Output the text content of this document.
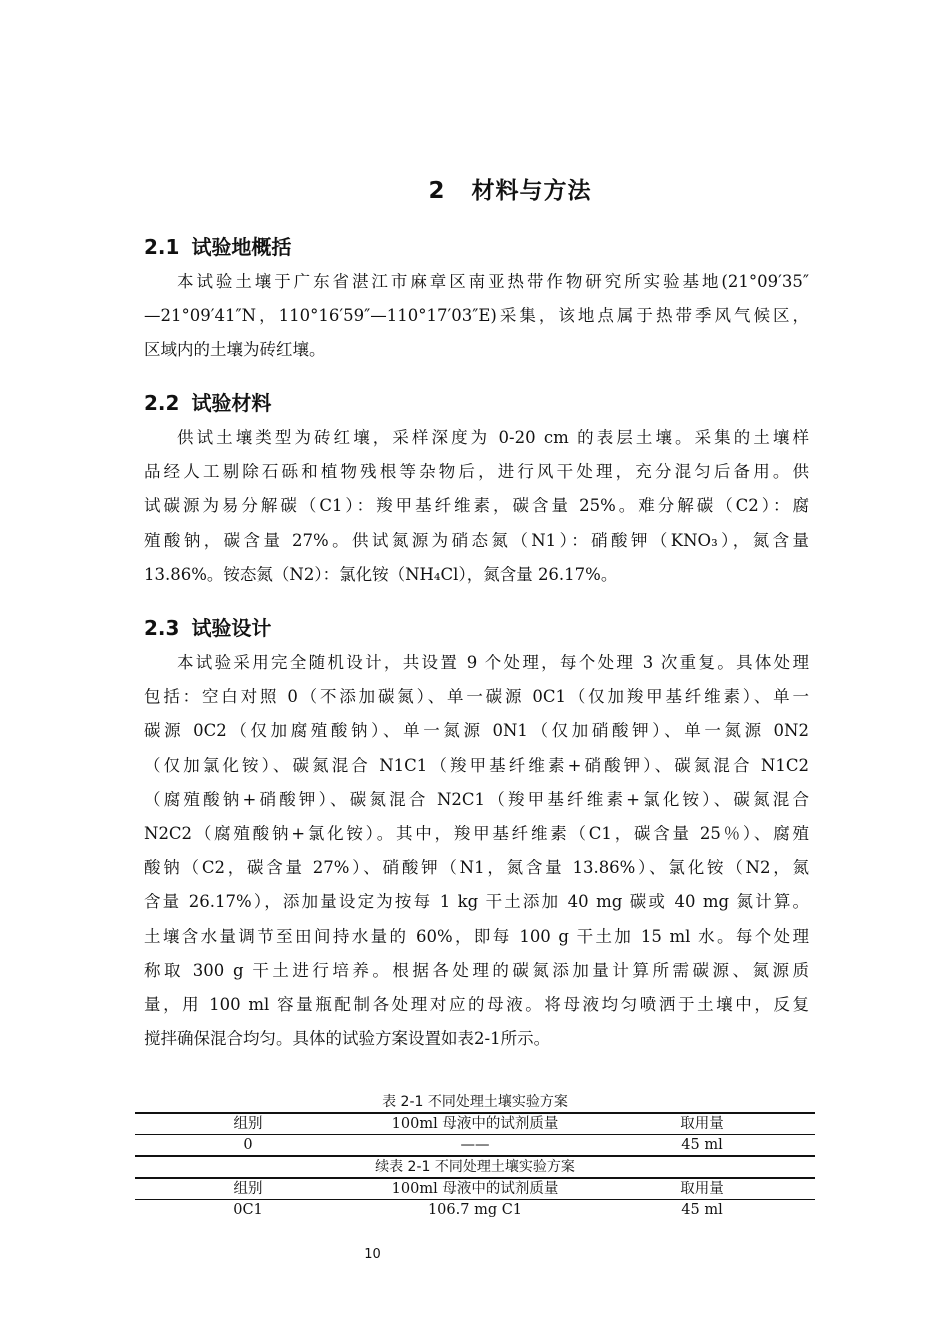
2 材料与方法
2.1 试验地概括
本试验土壤于广东省湛江市麻章区南亚热带作物研究所实验基地(21°09′35″
—21°09′41″N，110°16′59″—110°17′03″E)采集，该地点属于热带季风气候区，
区域内的土壤为砖红壤。
2.2 试验材料
供试土壤类型为砖红壤，采样深度为 0-20 cm 的表层土壤。采集的土壤样
品经人工剔除石砾和植物残根等杂物后，进行风干处理，充分混匀后备用。供
试碳源为易分解碳（C1）：羧甲基纤维素，碳含量 25%。难分解碳（C2）：腐
殖酸钠，碳含量 27%。供试氮源为硝态氮（N1）：硝酸钾（KNO₃），氮含量
13.86%。铵态氮（N2）：氯化铵（NH₄Cl），氮含量 26.17%。
2.3 试验设计
本试验采用完全随机设计，共设置 9 个处理，每个处理 3 次重复。具体处理
包括：空白对照 0（不添加碳氮）、单一碳源 0C1（仅加羧甲基纤维素）、单一
碳源 0C2（仅加腐殖酸钠）、单一氮源 0N1（仅加硝酸钾）、单一氮源 0N2
（仅加氯化铵）、碳氮混合 N1C1（羧甲基纤维素+硝酸钾）、碳氮混合 N1C2
（腐殖酸钠+硝酸钾）、碳氮混合 N2C1（羧甲基纤维素+氯化铵）、碳氮混合
N2C2（腐殖酸钠+氯化铵）。其中，羧甲基纤维素（C1，碳含量 25％）、腐殖
酸钠（C2，碳含量 27%）、硝酸钾（N1，氮含量 13.86%）、氯化铵（N2，氮
含量 26.17%），添加量设定为按每 1 kg 干土添加 40 mg 碳或 40 mg 氮计算。
土壤含水量调节至田间持水量的 60%，即每 100 g 干土加 15 ml 水。每个处理
称取 300 g 干土进行培养。根据各处理的碳氮添加量计算所需碳源、氮源质
量，用 100 ml 容量瓶配制各处理对应的母液。将母液均匀喷洒于土壤中，反复
搅拌确保混合均匀。具体的试验方案设置如表2-1所示。
表 2-1 不同处理土壤实验方案
组别	100ml 母液中的试剂质量	取用量
0	——	45 ml
续表 2-1 不同处理土壤实验方案
组别	100ml 母液中的试剂质量	取用量
0C1	106.7 mg C1	45 ml
10
